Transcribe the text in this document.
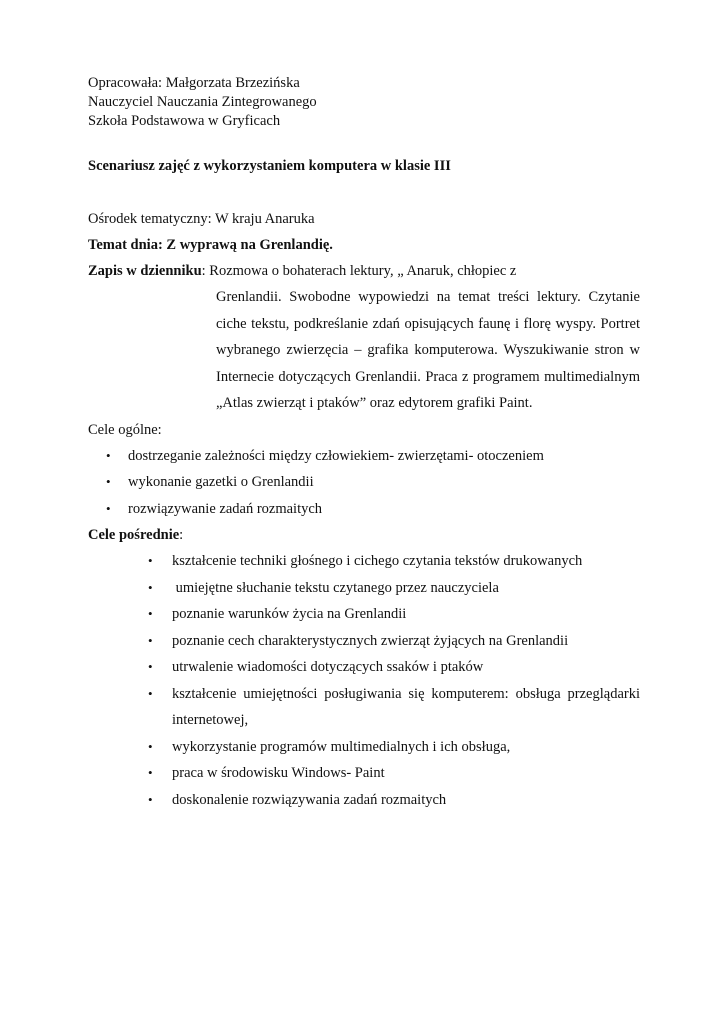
Opracowała: Małgorzata Brzezińska
Nauczyciel Nauczania Zintegrowanego
Szkoła Podstawowa w Gryficach
Scenariusz zajęć z wykorzystaniem komputera w klasie III
Ośrodek tematyczny: W kraju Anaruka
Temat dnia: Z wyprawą na Grenlandię.
Zapis w dzienniku: Rozmowa o bohaterach lektury, „ Anaruk, chłopiec z
Grenlandii. Swobodne wypowiedzi na temat treści lektury. Czytanie
ciche tekstu, podkreślanie zdań opisujących faunę i florę wyspy. Portret
wybranego zwierzęcia – grafika komputerowa. Wyszukiwanie stron w
Internecie dotyczących Grenlandii. Praca z programem multimedialnym
„Atlas zwierząt i ptaków” oraz edytorem grafiki Paint.
Cele ogólne:
• dostrzeganie zależności między człowiekiem- zwierzętami- otoczeniem
• wykonanie gazetki o Grenlandii
• rozwiązywanie zadań rozmaitych
Cele pośrednie:
• kształcenie techniki głośnego i cichego czytania tekstów drukowanych
• umiejętne słuchanie tekstu czytanego przez nauczyciela
• poznanie warunków życia na Grenlandii
• poznanie cech charakterystycznych zwierząt żyjących na Grenlandii
• utrwalenie wiadomości dotyczących ssaków i ptaków
• kształcenie umiejętności posługiwania się komputerem: obsługa przeglądarki
internetowej,
• wykorzystanie programów multimedialnych i ich obsługa,
• praca w środowisku Windows- Paint
• doskonalenie rozwiązywania zadań rozmaitych
